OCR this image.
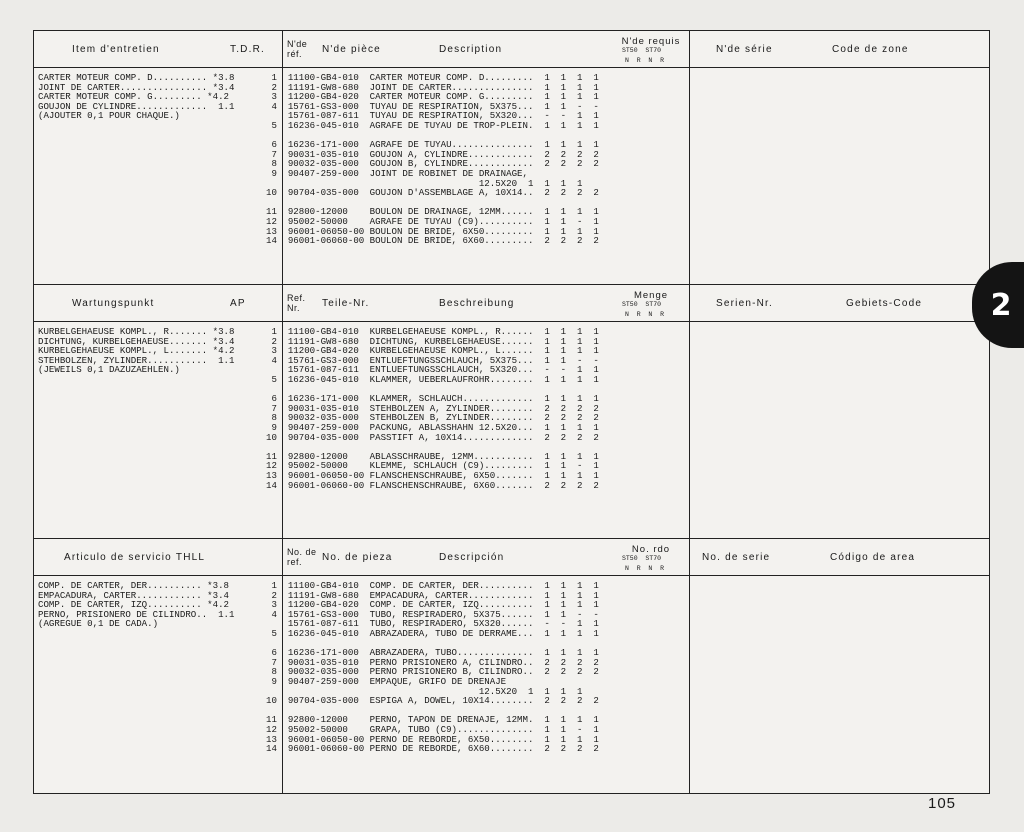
Item d'entretien	T.D.R. N'de
réf.	N'de pièce	Description
N'de requis
ST50  ST70
N  R  N  R
N'de série	Code de zone
CARTER MOTEUR COMP. D.......... *3.8
JOINT DE CARTER................ *3.4
CARTER MOTEUR COMP. G......... *4.2
GOUJON DE CYLINDRE.............  1.1
(AJOUTER 0,1 POUR CHAQUE.)
1  11100-GB4-010  CARTER MOTEUR COMP. D.........  1  1  1  1
2  11191-GW8-680  JOINT DE CARTER...............  1  1  1  1
3  11200-GB4-020  CARTER MOTEUR COMP. G.........  1  1  1  1
4  15761-GS3-000  TUYAU DE RESPIRATION, 5X375...  1  1  -  -
15761-087-611  TUYAU DE RESPIRATION, 5X320...  -  -  1  1
5  16236-045-010  AGRAFE DE TUYAU DE TROP-PLEIN.  1  1  1  1

6  16236-171-000  AGRAFE DE TUYAU...............  1  1  1  1
7  90031-035-010  GOUJON A, CYLINDRE............  2  2  2  2
8  90032-035-000  GOUJON B, CYLINDRE............  2  2  2  2
9  90407-259-000  JOINT DE ROBINET DE DRAINAGE,
12.5X20  1  1  1  1
10  90704-035-000  GOUJON D'ASSEMBLAGE A, 10X14..  2  2  2  2

11  92800-12000    BOULON DE DRAINAGE, 12MM......  1  1  1  1
12  95002-50000    AGRAFE DE TUYAU (C9)..........  1  1  -  1
13  96001-06050-00 BOULON DE BRIDE, 6X50.........  1  1  1  1
14  96001-06060-00 BOULON DE BRIDE, 6X60.........  2  2  2  2
Wartungspunkt	AP	Ref.
Nr.	Teile-Nr.	Beschreibung
Menge
ST50  ST70
N  R  N  R
Serien-Nr.	Gebiets-Code
KURBELGEHAEUSE KOMPL., R....... *3.8
DICHTUNG, KURBELGEHAEUSE....... *3.4
KURBELGEHAEUSE KOMPL., L....... *4.2
STEHBOLZEN, ZYLINDER...........  1.1
(JEWEILS 0,1 DAZUZAEHLEN.)
1  11100-GB4-010  KURBELGEHAEUSE KOMPL., R......  1  1  1  1
2  11191-GW8-680  DICHTUNG, KURBELGEHAEUSE......  1  1  1  1
3  11200-GB4-020  KURBELGEHAEUSE KOMPL., L......  1  1  1  1
4  15761-GS3-000  ENTLUEFTUNGSSCHLAUCH, 5X375...  1  1  -  -
15761-087-611  ENTLUEFTUNGSSCHLAUCH, 5X320...  -  -  1  1
5  16236-045-010  KLAMMER, UEBERLAUFROHR........  1  1  1  1

6  16236-171-000  KLAMMER, SCHLAUCH.............  1  1  1  1
7  90031-035-010  STEHBOLZEN A, ZYLINDER........  2  2  2  2
8  90032-035-000  STEHBOLZEN B, ZYLINDER........  2  2  2  2
9  90407-259-000  PACKUNG, ABLASSHAHN 12.5X20...  1  1  1  1
10  90704-035-000  PASSTIFT A, 10X14.............  2  2  2  2

11  92800-12000    ABLASSCHRAUBE, 12MM...........  1  1  1  1
12  95002-50000    KLEMME, SCHLAUCH (C9).........  1  1  -  1
13  96001-06050-00 FLANSCHENSCHRAUBE, 6X50.......  1  1  1  1
14  96001-06060-00 FLANSCHENSCHRAUBE, 6X60.......  2  2  2  2
Articulo de servicio
THLL	No. de
ref.	No. de pieza	Descripción
No. rdo
ST50  ST70
N  R  N  R
No. de serie	Código de area
COMP. DE CARTER, DER.......... *3.8
EMPACADURA, CARTER............ *3.4
COMP. DE CARTER, IZQ.......... *4.2
PERNO, PRISIONERO DE CILINDRO..  1.1
(AGREGUE 0,1 DE CADA.)
1  11100-GB4-010  COMP. DE CARTER, DER..........  1  1  1  1
2  11191-GW8-680  EMPACADURA, CARTER............  1  1  1  1
3  11200-GB4-020  COMP. DE CARTER, IZQ..........  1  1  1  1
4  15761-GS3-000  TUBO, RESPIRADERO, 5X375......  1  1  -  -
15761-087-611  TUBO, RESPIRADERO, 5X320......  -  -  1  1
5  16236-045-010  ABRAZADERA, TUBO DE DERRAME...  1  1  1  1

6  16236-171-000  ABRAZADERA, TUBO..............  1  1  1  1
7  90031-035-010  PERNO PRISIONERO A, CILINDRO..  2  2  2  2
8  90032-035-000  PERNO PRISIONERO B, CILINDRO..  2  2  2  2
9  90407-259-000  EMPAQUE, GRIFO DE DRENAJE
12.5X20  1  1  1  1
10  90704-035-000  ESPIGA A, DOWEL, 10X14........  2  2  2  2

11  92800-12000    PERNO, TAPON DE DRENAJE, 12MM.  1  1  1  1
12  95002-50000    GRAPA, TUBO (C9)..............  1  1  -  1
13  96001-06050-00 PERNO DE REBORDE, 6X50........  1  1  1  1
14  96001-06060-00 PERNO DE REBORDE, 6X60........  2  2  2  2
2
105
